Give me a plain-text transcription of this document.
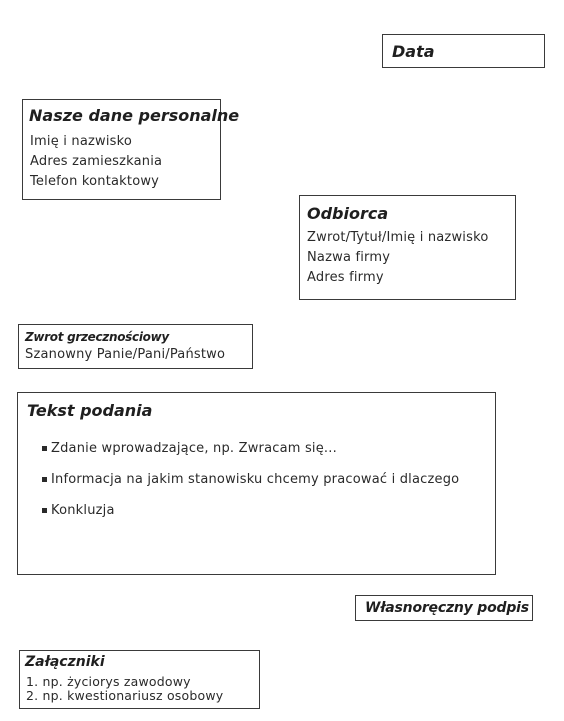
Data
Nasze dane personalne
Imię i nazwisko
Adres zamieszkania
Telefon kontaktowy
Odbiorca
Zwrot/Tytuł/Imię i nazwisko
Nazwa firmy
Adres firmy
Zwrot grzecznościowy
Szanowny Panie/Pani/Państwo
Tekst podania
Zdanie wprowadzające, np. Zwracam się...
Informacja na jakim stanowisku chcemy pracować i dlaczego
Konkluzja
Własnoręczny podpis
Załączniki
1. np. życiorys zawodowy
2. np. kwestionariusz osobowy
